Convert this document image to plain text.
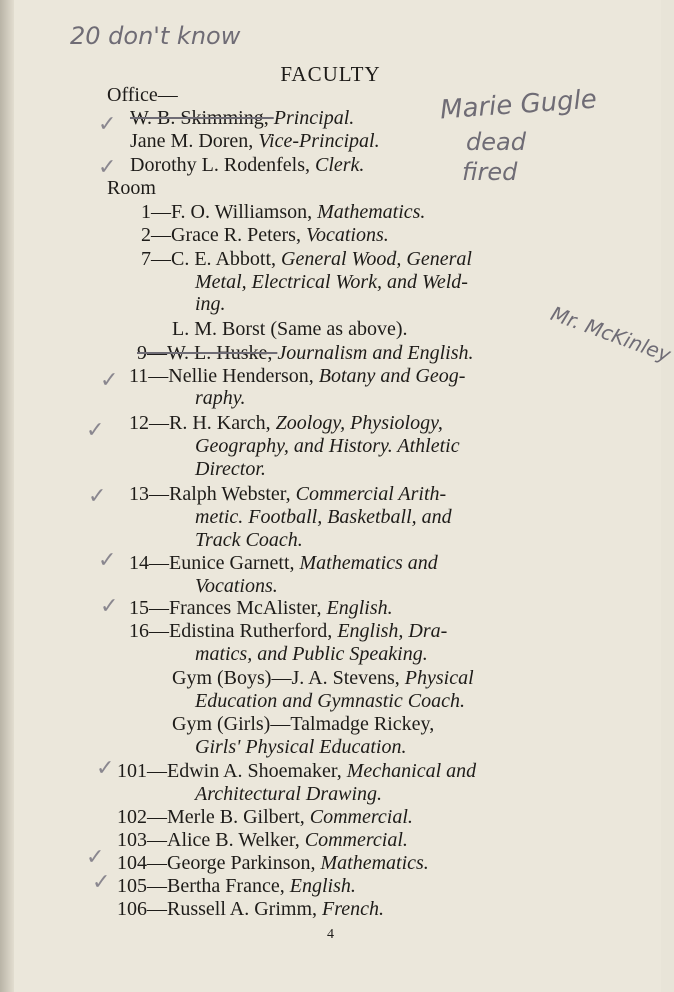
20 don't know
Marie Gugle
dead
fired
Mr. McKinley
FACULTY
Office—
W. B. Skimming, Principal.
Jane M. Doren, Vice-Principal.
Dorothy L. Rodenfels, Clerk.
Room
1—F. O. Williamson, Mathematics.
2—Grace R. Peters, Vocations.
7—C. E. Abbott, General Wood, General
Metal, Electrical Work, and Weld-
ing.
L. M. Borst (Same as above).
9—W. L. Huske, Journalism and English.
11—Nellie Henderson, Botany and Geog-
raphy.
12—R. H. Karch, Zoology, Physiology,
Geography, and History. Athletic
Director.
13—Ralph Webster, Commercial Arith-
metic. Football, Basketball, and
Track Coach.
14—Eunice Garnett, Mathematics and
Vocations.
15—Frances McAlister, English.
16—Edistina Rutherford, English, Dra-
matics, and Public Speaking.
Gym (Boys)—J. A. Stevens, Physical
Education and Gymnastic Coach.
Gym (Girls)—Talmadge Rickey,
Girls' Physical Education.
101—Edwin A. Shoemaker, Mechanical and
Architectural Drawing.
102—Merle B. Gilbert, Commercial.
103—Alice B. Welker, Commercial.
104—George Parkinson, Mathematics.
105—Bertha France, English.
106—Russell A. Grimm, French.
✓
✓
✓
✓
✓
✓
✓
✓
✓
✓
4
